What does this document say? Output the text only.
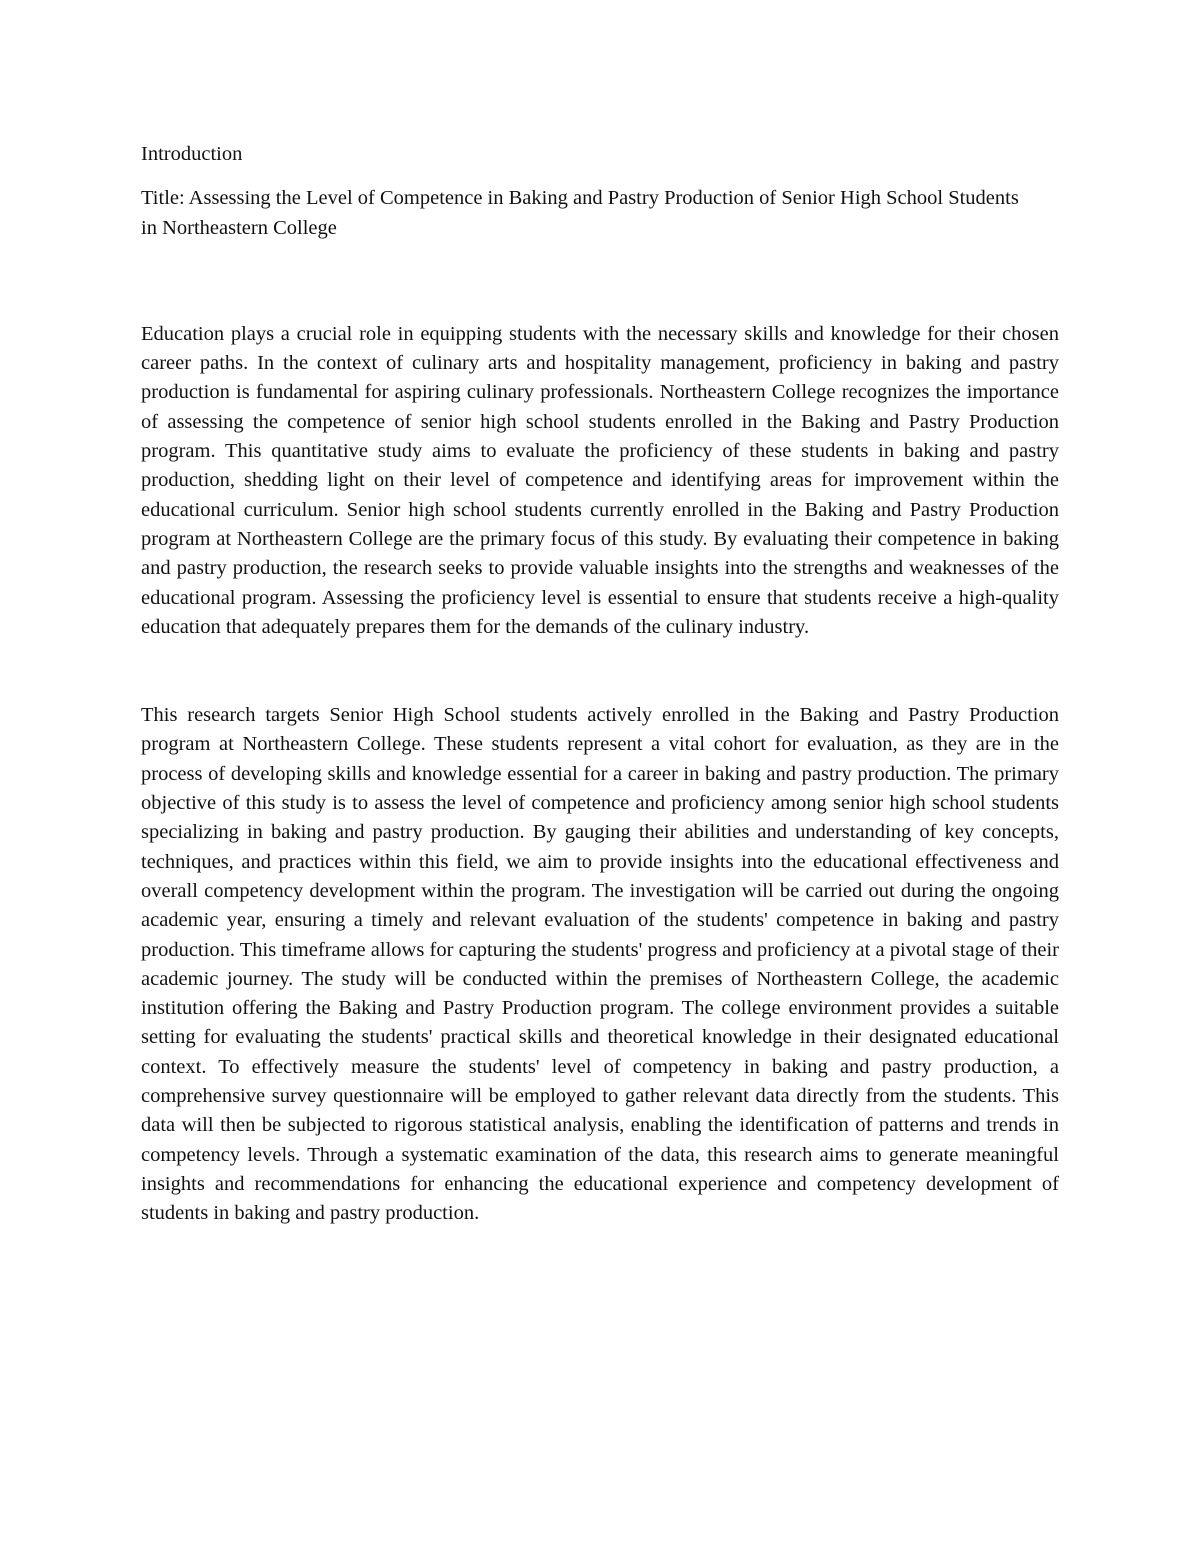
Introduction

Title: Assessing the Level of Competence in Baking and Pastry Production of Senior High School Students in Northeastern College

Education plays a crucial role in equipping students with the necessary skills and knowledge for their chosen career paths. In the context of culinary arts and hospitality management, proficiency in baking and pastry production is fundamental for aspiring culinary professionals. Northeastern College recognizes the importance of assessing the competence of senior high school students enrolled in the Baking and Pastry Production program. This quantitative study aims to evaluate the proficiency of these students in baking and pastry production, shedding light on their level of competence and identifying areas for improvement within the educational curriculum. Senior high school students currently enrolled in the Baking and Pastry Production program at Northeastern College are the primary focus of this study. By evaluating their competence in baking and pastry production, the research seeks to provide valuable insights into the strengths and weaknesses of the educational program. Assessing the proficiency level is essential to ensure that students receive a high-quality education that adequately prepares them for the demands of the culinary industry.

This research targets Senior High School students actively enrolled in the Baking and Pastry Production program at Northeastern College. These students represent a vital cohort for evaluation, as they are in the process of developing skills and knowledge essential for a career in baking and pastry production. The primary objective of this study is to assess the level of competence and proficiency among senior high school students specializing in baking and pastry production. By gauging their abilities and understanding of key concepts, techniques, and practices within this field, we aim to provide insights into the educational effectiveness and overall competency development within the program. The investigation will be carried out during the ongoing academic year, ensuring a timely and relevant evaluation of the students' competence in baking and pastry production. This timeframe allows for capturing the students' progress and proficiency at a pivotal stage of their academic journey. The study will be conducted within the premises of Northeastern College, the academic institution offering the Baking and Pastry Production program. The college environment provides a suitable setting for evaluating the students' practical skills and theoretical knowledge in their designated educational context. To effectively measure the students' level of competency in baking and pastry production, a comprehensive survey questionnaire will be employed to gather relevant data directly from the students. This data will then be subjected to rigorous statistical analysis, enabling the identification of patterns and trends in competency levels. Through a systematic examination of the data, this research aims to generate meaningful insights and recommendations for enhancing the educational experience and competency development of students in baking and pastry production.
